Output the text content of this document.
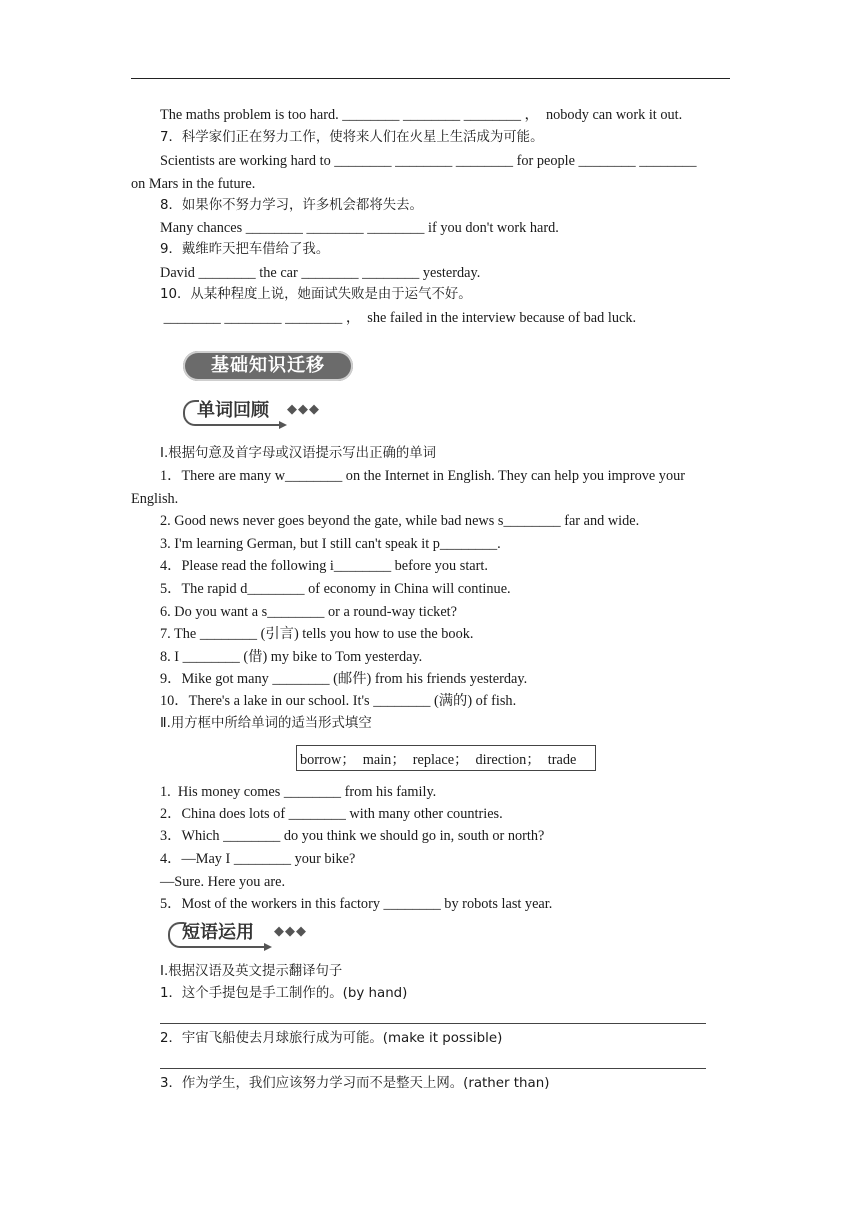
The maths problem is too hard. ________ ________ ________ ，  nobody can work it out.
7．科学家们正在努力工作，使将来人们在火星上生活成为可能。
Scientists are working hard to ________ ________ ________ for people ________ ________
on Mars in the future.
8．如果你不努力学习，许多机会都将失去。
Many chances ________ ________ ________ if you don't work hard.
9．戴维昨天把车借给了我。
David ________ the car ________ ________ yesterday.
10．从某种程度上说，她面试失败是由于运气不好。
________ ________ ________ ，  she failed in the interview because of bad luck.
基础知识迁移
单词回顾 ◆◆◆
Ⅰ.根据句意及首字母或汉语提示写出正确的单词
1．There are many w________ on the Internet in English. They can help you improve your
English.
2. Good news never goes beyond the gate, while bad news s________ far and wide.
3. I'm learning German, but I still can't speak it p________.
4．Please read the following i________ before you start.
5．The rapid d________ of economy in China will continue.
6. Do you want a s________ or a round-way ticket?
7. The ________ (引言) tells you how to use the book.
8. I ________ (借) my bike to Tom yesterday.
9．Mike got many ________ (邮件) from his friends yesterday.
10．There's a lake in our school. It's ________ (满的) of fish.
Ⅱ.用方框中所给单词的适当形式填空
borrow；  main；  replace；  direction；  trade
1.  His money comes ________ from his family.
2．China does lots of ________ with many other countries.
3．Which ________ do you think we should go in, south or north?
4．—May I ________ your bike?
—Sure. Here you are.
5．Most of the workers in this factory ________ by robots last year.
短语运用 ◆◆◆
Ⅰ.根据汉语及英文提示翻译句子
1．这个手提包是手工制作的。(by hand)
2．宇宙飞船使去月球旅行成为可能。(make it possible)
3．作为学生，我们应该努力学习而不是整天上网。(rather than)
